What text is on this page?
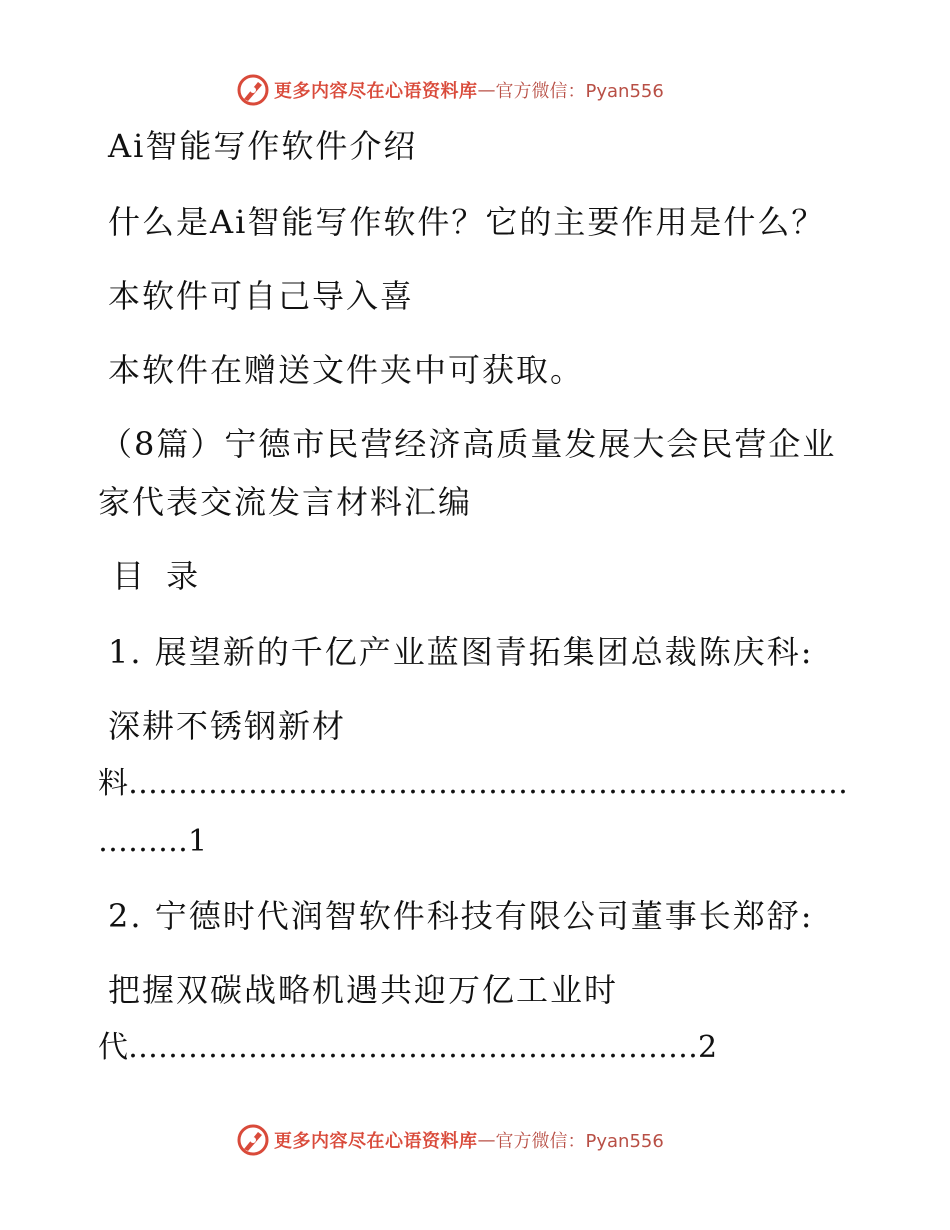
更多内容尽在心语资料库 — 官方微信：Pyan556
Ai智能写作软件介绍
什么是Ai智能写作软件？它的主要作用是什么？
本软件可自己导入喜
本软件在赠送文件夹中可获取。
（8篇）宁德市民营经济高质量发展大会民营企业
家代表交流发言材料汇编
目 录
1. 展望新的千亿产业蓝图青拓集团总裁陈庆科:
深耕不锈钢新材
料………………………………………………………………
………1
2. 宁德时代润智软件科技有限公司董事长郑舒:
把握双碳战略机遇共迎万亿工业时
代…………………………………………………2
更多内容尽在心语资料库 — 官方微信：Pyan556
